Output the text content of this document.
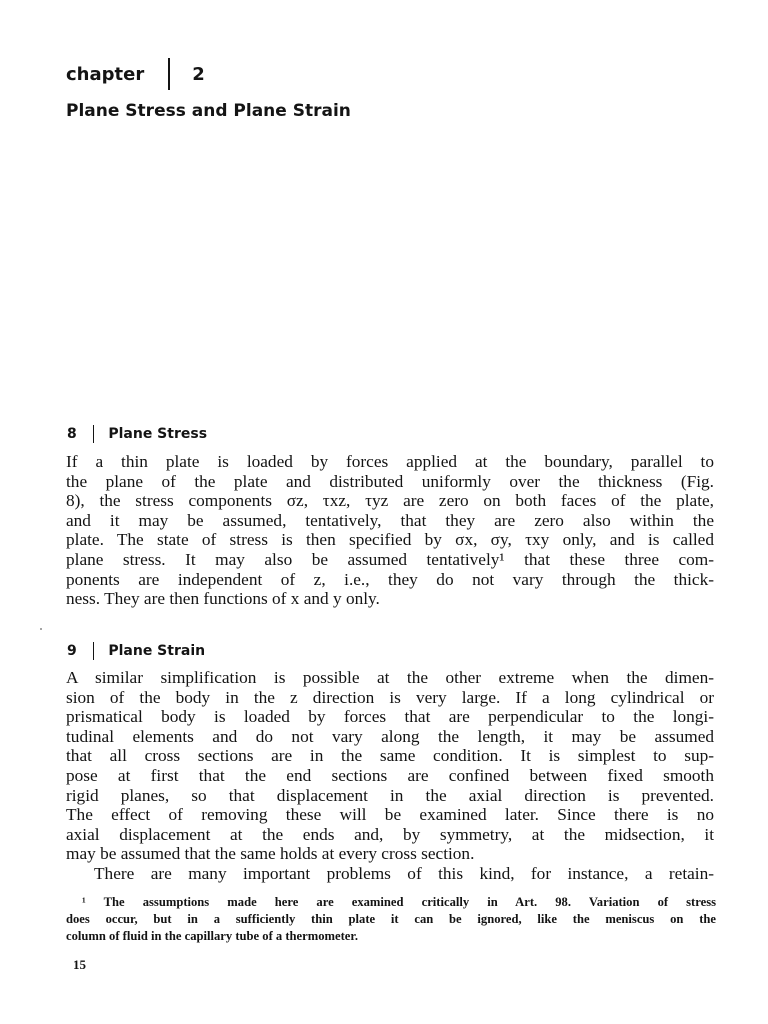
chapter	2
Plane Stress and Plane Strain
8 Plane Stress
If a thin plate is loaded by forces applied at the boundary, parallel to
the plane of the plate and distributed uniformly over the thickness (Fig.
8), the stress components σz, τxz, τyz are zero on both faces of the plate,
and it may be assumed, tentatively, that they are zero also within the
plate. The state of stress is then specified by σx, σy, τxy only, and is called
plane stress. It may also be assumed tentatively¹ that these three com-
ponents are independent of z, i.e., they do not vary through the thick-
ness. They are then functions of x and y only.
9 Plane Strain
A similar simplification is possible at the other extreme when the dimen-
sion of the body in the z direction is very large. If a long cylindrical or
prismatical body is loaded by forces that are perpendicular to the longi-
tudinal elements and do not vary along the length, it may be assumed
that all cross sections are in the same condition. It is simplest to sup-
pose at first that the end sections are confined between fixed smooth
rigid planes, so that displacement in the axial direction is prevented.
The effect of removing these will be examined later. Since there is no
axial displacement at the ends and, by symmetry, at the midsection, it
may be assumed that the same holds at every cross section.
There are many important problems of this kind, for instance, a retain-
¹ The assumptions made here are examined critically in Art. 98. Variation of stress
does occur, but in a sufficiently thin plate it can be ignored, like the meniscus on the
column of fluid in the capillary tube of a thermometer.
15
